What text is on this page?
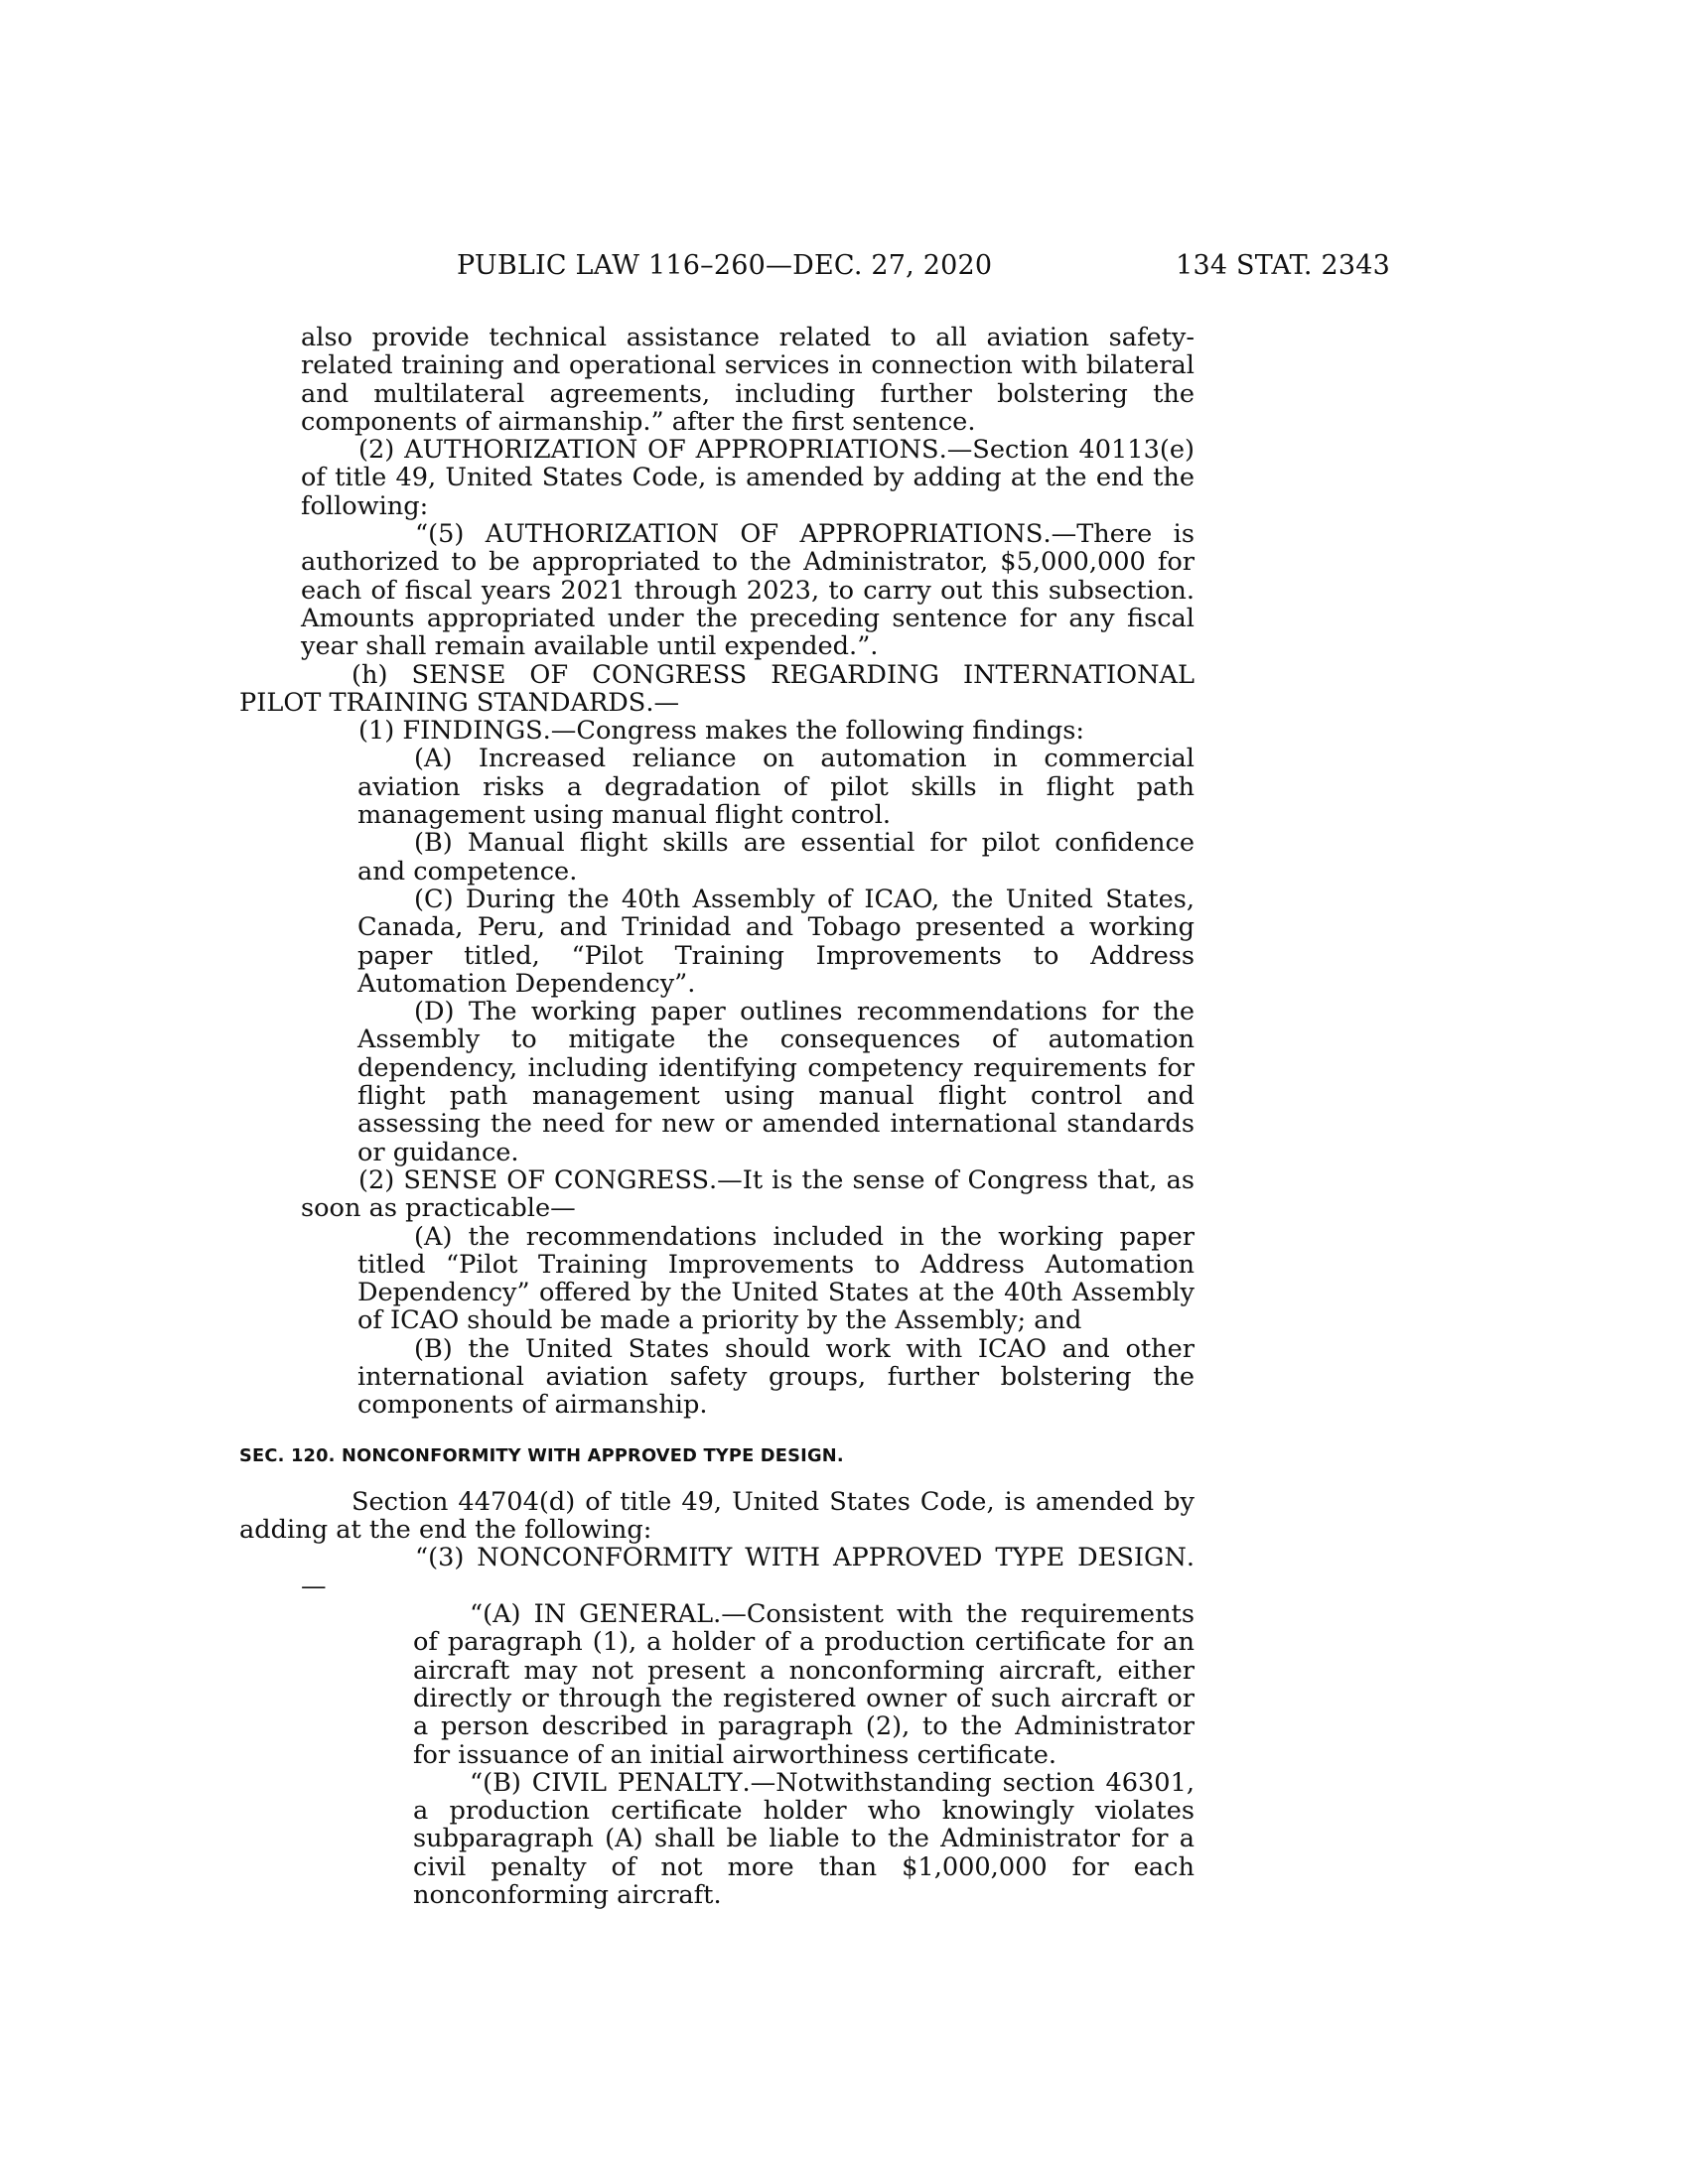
PUBLIC LAW 116–260—DEC. 27, 2020	134 STAT. 2343

also provide technical assistance related to all aviation safety-related training and operational services in connection with bilateral and multilateral agreements, including further bolstering the components of airmanship.” after the first sentence.

(2) AUTHORIZATION OF APPROPRIATIONS.—Section 40113(e) of title 49, United States Code, is amended by adding at the end the following:

“(5) AUTHORIZATION OF APPROPRIATIONS.—There is authorized to be appropriated to the Administrator, $5,000,000 for each of fiscal years 2021 through 2023, to carry out this subsection. Amounts appropriated under the preceding sentence for any fiscal year shall remain available until expended.”.

(h) SENSE OF CONGRESS REGARDING INTERNATIONAL PILOT TRAINING STANDARDS.—

(1) FINDINGS.—Congress makes the following findings:

(A) Increased reliance on automation in commercial aviation risks a degradation of pilot skills in flight path management using manual flight control.

(B) Manual flight skills are essential for pilot confidence and competence.

(C) During the 40th Assembly of ICAO, the United States, Canada, Peru, and Trinidad and Tobago presented a working paper titled, “Pilot Training Improvements to Address Automation Dependency”.

(D) The working paper outlines recommendations for the Assembly to mitigate the consequences of automation dependency, including identifying competency requirements for flight path management using manual flight control and assessing the need for new or amended international standards or guidance.

(2) SENSE OF CONGRESS.—It is the sense of Congress that, as soon as practicable—

(A) the recommendations included in the working paper titled “Pilot Training Improvements to Address Automation Dependency” offered by the United States at the 40th Assembly of ICAO should be made a priority by the Assembly; and

(B) the United States should work with ICAO and other international aviation safety groups, further bolstering the components of airmanship.

SEC. 120. NONCONFORMITY WITH APPROVED TYPE DESIGN.

Section 44704(d) of title 49, United States Code, is amended by adding at the end the following:

“(3) NONCONFORMITY WITH APPROVED TYPE DESIGN.—

“(A) IN GENERAL.—Consistent with the requirements of paragraph (1), a holder of a production certificate for an aircraft may not present a nonconforming aircraft, either directly or through the registered owner of such aircraft or a person described in paragraph (2), to the Administrator for issuance of an initial airworthiness certificate.

“(B) CIVIL PENALTY.—Notwithstanding section 46301, a production certificate holder who knowingly violates subparagraph (A) shall be liable to the Administrator for a civil penalty of not more than $1,000,000 for each nonconforming aircraft.
